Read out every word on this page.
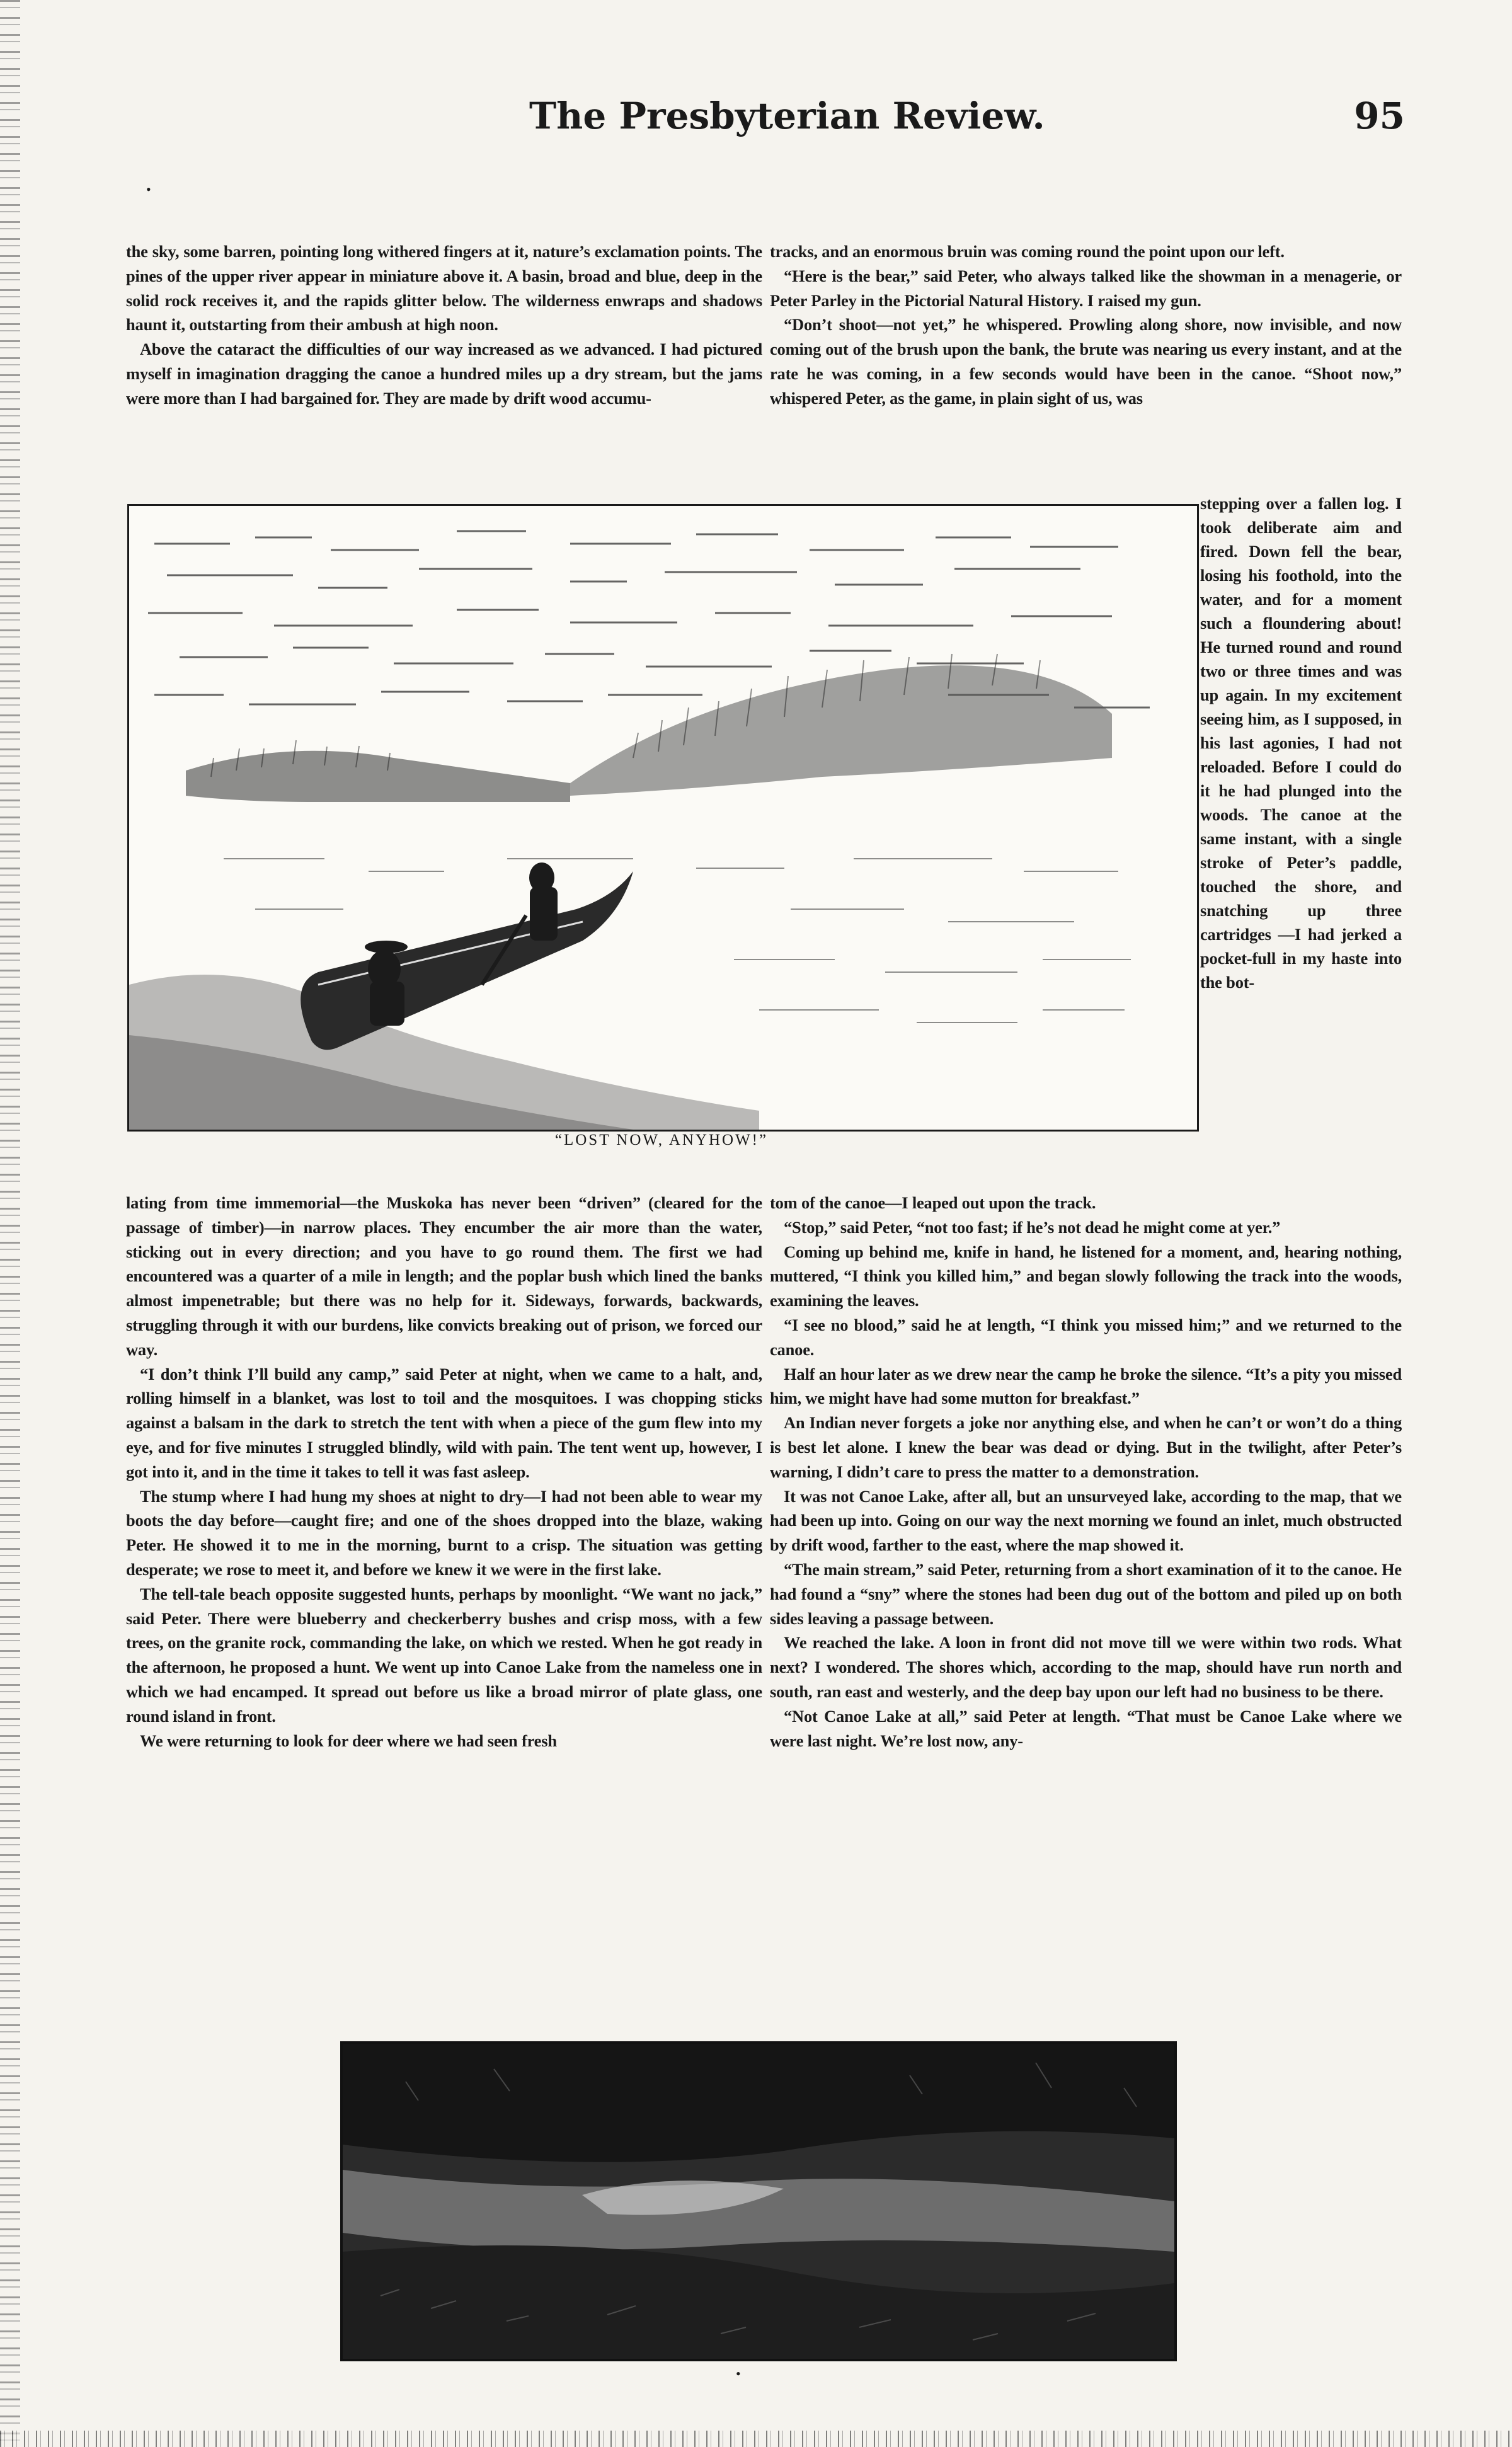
The Presbyterian Review.	95
•

the sky, some barren, pointing long withered fingers at it, nature’s exclamation points. The pines of the upper river appear in miniature above it. A basin, broad and blue, deep in the solid rock receives it, and the rapids glitter below. The wilderness enwraps and shadows haunt it, outstarting from their ambush at high noon.

Above the cataract the difficulties of our way increased as we advanced. I had pictured myself in imagination dragging the canoe a hundred miles up a dry stream, but the jams were more than I had bargained for. They are made by drift wood accumu-

tracks, and an enormous bruin was coming round the point upon our left.

“Here is the bear,” said Peter, who always talked like the showman in a menagerie, or Peter Parley in the Pictorial Natural History. I raised my gun.

“Don’t shoot—not yet,” he whispered. Prowling along shore, now invisible, and now coming out of the brush upon the bank, the brute was nearing us every instant, and at the rate he was coming, in a few seconds would have been in the canoe. “Shoot now,” whispered Peter, as the game, in plain sight of us, was

“LOST NOW, ANYHOW!”

stepping over a fallen log. I took deliberate aim and fired. Down fell the bear, losing his foothold, into the water, and for a moment such a floundering about! He turned round and round two or three times and was up again. In my excitement seeing him, as I supposed, in his last agonies, I had not reloaded. Before I could do it he had plunged into the woods. The canoe at the same instant, with a single stroke of Peter’s paddle, touched the shore, and snatching up three cartridges —I had jerked a pocket-full in my haste into the bot-

lating from time immemorial—the Muskoka has never been “driven” (cleared for the passage of timber)—in narrow places. They encumber the air more than the water, sticking out in every direction; and you have to go round them. The first we had encountered was a quarter of a mile in length; and the poplar bush which lined the banks almost impenetrable; but there was no help for it. Sideways, forwards, backwards, struggling through it with our burdens, like convicts breaking out of prison, we forced our way.

“I don’t think I’ll build any camp,” said Peter at night, when we came to a halt, and, rolling himself in a blanket, was lost to toil and the mosquitoes. I was chopping sticks against a balsam in the dark to stretch the tent with when a piece of the gum flew into my eye, and for five minutes I struggled blindly, wild with pain. The tent went up, however, I got into it, and in the time it takes to tell it was fast asleep.

The stump where I had hung my shoes at night to dry—I had not been able to wear my boots the day before—caught fire; and one of the shoes dropped into the blaze, waking Peter. He showed it to me in the morning, burnt to a crisp. The situation was getting desperate; we rose to meet it, and before we knew it we were in the first lake.

The tell-tale beach opposite suggested hunts, perhaps by moonlight. “We want no jack,” said Peter. There were blueberry and checkerberry bushes and crisp moss, with a few trees, on the granite rock, commanding the lake, on which we rested. When he got ready in the afternoon, he proposed a hunt. We went up into Canoe Lake from the nameless one in which we had encamped. It spread out before us like a broad mirror of plate glass, one round island in front.

We were returning to look for deer where we had seen fresh

tom of the canoe—I leaped out upon the track.

“Stop,” said Peter, “not too fast; if he’s not dead he might come at yer.”

Coming up behind me, knife in hand, he listened for a moment, and, hearing nothing, muttered, “I think you killed him,” and began slowly following the track into the woods, examining the leaves.

“I see no blood,” said he at length, “I think you missed him;” and we returned to the canoe.

Half an hour later as we drew near the camp he broke the silence. “It’s a pity you missed him, we might have had some mutton for breakfast.”

An Indian never forgets a joke nor anything else, and when he can’t or won’t do a thing is best let alone. I knew the bear was dead or dying. But in the twilight, after Peter’s warning, I didn’t care to press the matter to a demonstration.

It was not Canoe Lake, after all, but an unsurveyed lake, according to the map, that we had been up into. Going on our way the next morning we found an inlet, much obstructed by drift wood, farther to the east, where the map showed it.

“The main stream,” said Peter, returning from a short examination of it to the canoe. He had found a “sny” where the stones had been dug out of the bottom and piled up on both sides leaving a passage between.

We reached the lake. A loon in front did not move till we were within two rods. What next? I wondered. The shores which, according to the map, should have run north and south, ran east and westerly, and the deep bay upon our left had no business to be there.

“Not Canoe Lake at all,” said Peter at length. “That must be Canoe Lake where we were last night. We’re lost now, any-

•
